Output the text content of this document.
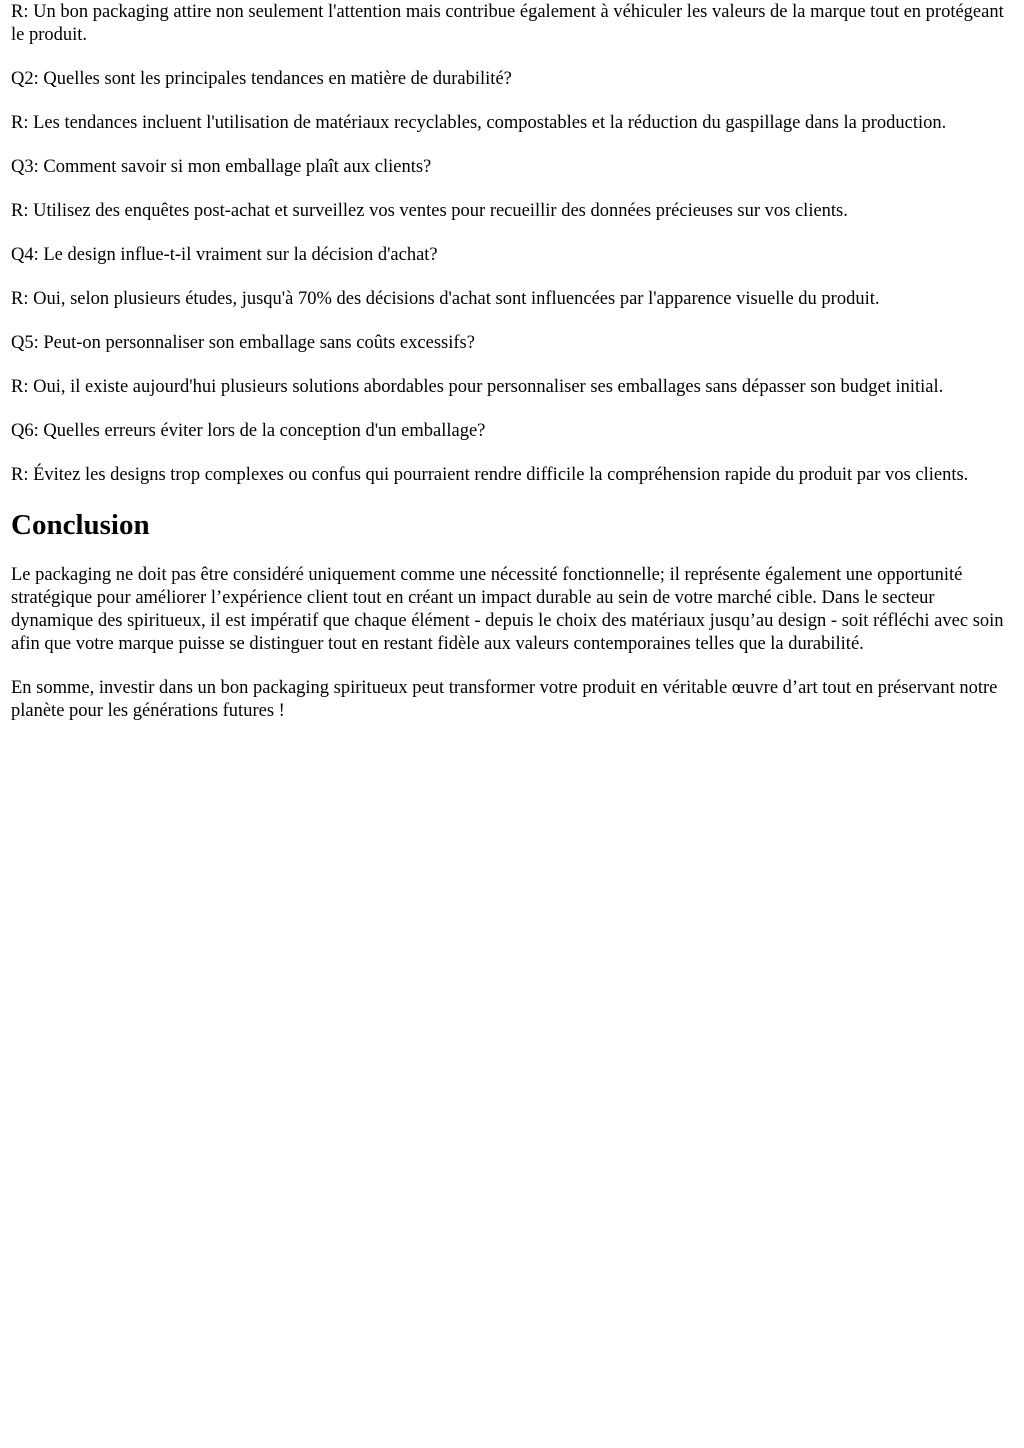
R: Un bon packaging attire non seulement l'attention mais contribue également à véhiculer les valeurs de la marque tout en protégeant le produit.

Q2: Quelles sont les principales tendances en matière de durabilité?

R: Les tendances incluent l'utilisation de matériaux recyclables, compostables et la réduction du gaspillage dans la production.

Q3: Comment savoir si mon emballage plaît aux clients?

R: Utilisez des enquêtes post-achat et surveillez vos ventes pour recueillir des données précieuses sur vos clients.

Q4: Le design influe-t-il vraiment sur la décision d'achat?

R: Oui, selon plusieurs études, jusqu'à 70% des décisions d'achat sont influencées par l'apparence visuelle du produit.

Q5: Peut-on personnaliser son emballage sans coûts excessifs?

R: Oui, il existe aujourd'hui plusieurs solutions abordables pour personnaliser ses emballages sans dépasser son budget initial.

Q6: Quelles erreurs éviter lors de la conception d'un emballage?

R: Évitez les designs trop complexes ou confus qui pourraient rendre difficile la compréhension rapide du produit par vos clients.

Conclusion

Le packaging ne doit pas être considéré uniquement comme une nécessité fonctionnelle; il représente également une opportunité stratégique pour améliorer l’expérience client tout en créant un impact durable au sein de votre marché cible. Dans le secteur dynamique des spiritueux, il est impératif que chaque élément - depuis le choix des matériaux jusqu’au design - soit réfléchi avec soin afin que votre marque puisse se distinguer tout en restant fidèle aux valeurs contemporaines telles que la durabilité.

En somme, investir dans un bon packaging spiritueux peut transformer votre produit en véritable œuvre d’art tout en préservant notre planète pour les générations futures !
